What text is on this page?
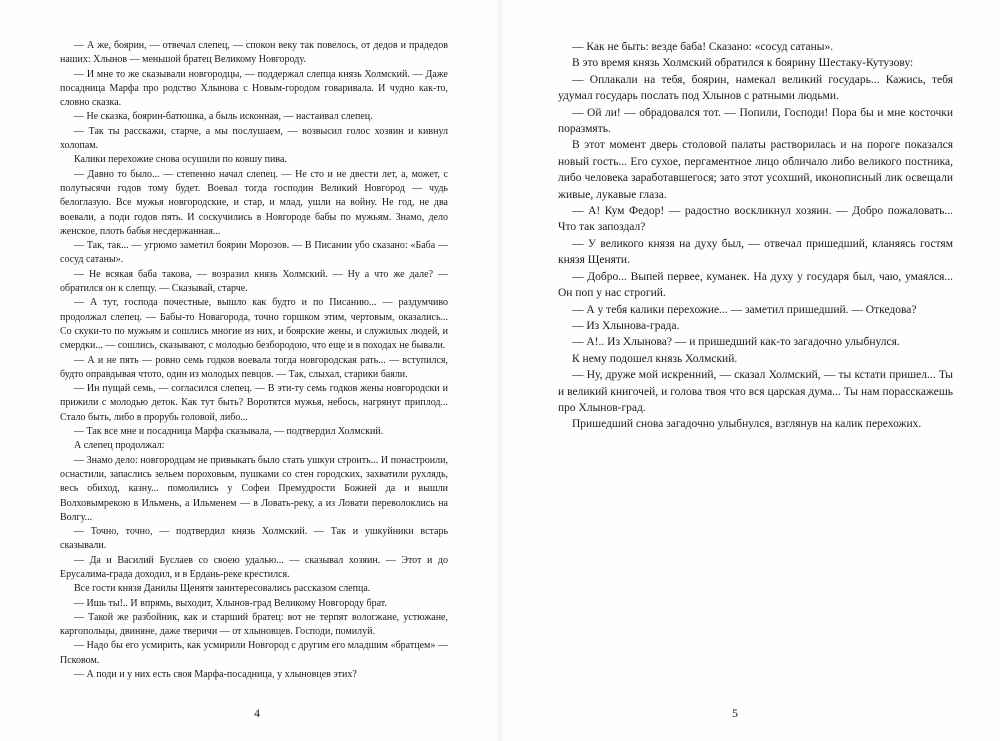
— А же, боярин, — отвечал слепец, — спокон веку так повелось, от дедов и прадедов наших: Хлынов — меньшой братец Великому Новгороду.

— И мне то же сказывали новгородцы, — поддержал слепца князь Холмский. — Даже посадница Марфа про родство Хлынова с Новым-городом говаривала. И чудно как-то, словно сказка.

— Не сказка, боярин-батюшка, а быль исконная, — настаивал слепец.

— Так ты расскажи, старче, а мы послушаем, — возвысил голос хозяин и кивнул холопам.

Калики перехожие снова осушили по ковшу пива.

— Давно то было... — степенно начал слепец. — Не сто и не двести лет, а, может, с полутысячи годов тому будет. Воевал тогда господин Великий Новгород — чудь белоглазую. Все мужья новгородские, и стар, и млад, ушли на войну. Не год, не два воевали, а поди годов пять. И соскучились в Новгороде бабы по мужьям. Знамо, дело женское, плоть бабья несдержанная...

— Так, так... — угрюмо заметил боярин Морозов. — В Писании убо сказано: «Баба — сосуд сатаны».

— Не всякая баба таковa, — возразил князь Холмский. — Ну а что же дале? — обратился он к слепцу. — Сказывай, старче.

— А тут, господа почестные, вышло как будто и по Писанию... — раздумчиво продолжал слепец. — Бабы-то Новагорода, точно горшком этим, чертовым, оказались... Со скуки-то по мужьям и сошлись многие из них, и боярские жены, и служилых людей, и смердки... — сошлись, сказывают, с молодью безбородою, что еще и в походах не бывали.

— А и не пять — ровно семь годков воевала тогда новгородская рать... — вступился, будто оправдывая чтото, один из молодых певцов. — Так, слыхал, старики баяли.

— Ин пущай семь, — согласился слепец. — В эти-ту семь годков жены новгородски и прижили с молодью деток. Как тут быть? Воротятся мужья, небось, нагрянут приплод... Стало быть, либо в прорубь головой, либо...

— Так все мне и посадница Марфа сказывала, — подтвердил Холмский.

А слепец продолжал:

— Знамо дело: новгородцам не привыкать было стать ушкуи строить... И понастроили, оснастили, запаслись зельем пороховым, пушками со стен городских, захватили рухлядь, весь обиход, казну... помолились у Софеи Премудрости Божией да и вышли Волховымрекою в Ильмень, а Ильменем — в Ловать-реку, а из Ловати переволоклись на Волгу...

— Точно, точно, — подтвердил князь Холмский. — Так и ушкуйники встарь сказывали.

— Да и Василий Буслаев со своею удалью... — сказывал хозяин. — Этот и до Ерусалима-града доходил, и в Ердань-реке крестился.

Все гости князя Данилы Щенятя заинтересовались рассказом слепца.

— Ишь ты!.. И впрямь, выходит, Хлынов-град Великому Новгороду брат.

— Такой же разбойник, как и старший братец: вот не терпят вологжане, устюжане, каргопольцы, двиняне, даже тверичи — от хлыновцев. Господи, помилуй.

— Надо бы его усмирить, как усмирили Новгород с другим его младшим «братцем» — Псковом.

— А поди и у них есть своя Марфа-посадница, у хлыновцев этих?

4

— Как не быть: везде баба! Сказано: «сосуд сатаны».

В это время князь Холмский обратился к боярину Шестаку-Кутузову:

— Оплакали на тебя, боярин, намекал великий государь... Кажись, тебя удумал государь послать под Хлынов с ратными людьми.

— Ой ли! — обрадовался тот. — Попили, Господи! Пора бы и мне косточки поразмять.

В этот момент дверь столовой палаты растворилась и на пороге показался новый гость... Его сухое, пергаментное лицо обличало либо великого постника, либо человека заработавшегося; зато этот усохший, иконописный лик освещали живые, лукавые глаза.

— А! Кум Федор! — радостно воскликнул хозяин. — Добро пожаловать... Что так запоздал?

— У великого князя на духу был, — отвечал пришедший, кланяясь гостям князя Щеняти.

— Добро... Выпей первее, куманек. На духу у государя был, чаю, умаялся... Он поп у нас строгий.

— А у тебя калики перехожие... — заметил пришедший. — Откедова?

— Из Хлынова-града.

— А!.. Из Хлынова? — и пришедший как-то загадочно улыбнулся.

К нему подошел князь Холмский.

— Ну, друже мой искренний, — сказал Холмский, — ты кстати пришел... Ты и великий книгочей, и голова твоя что вся царская дума... Ты нам порасскажешь про Хлынов-град.

Пришедший снова загадочно улыбнулся, взглянув на калик перехожих.

5
